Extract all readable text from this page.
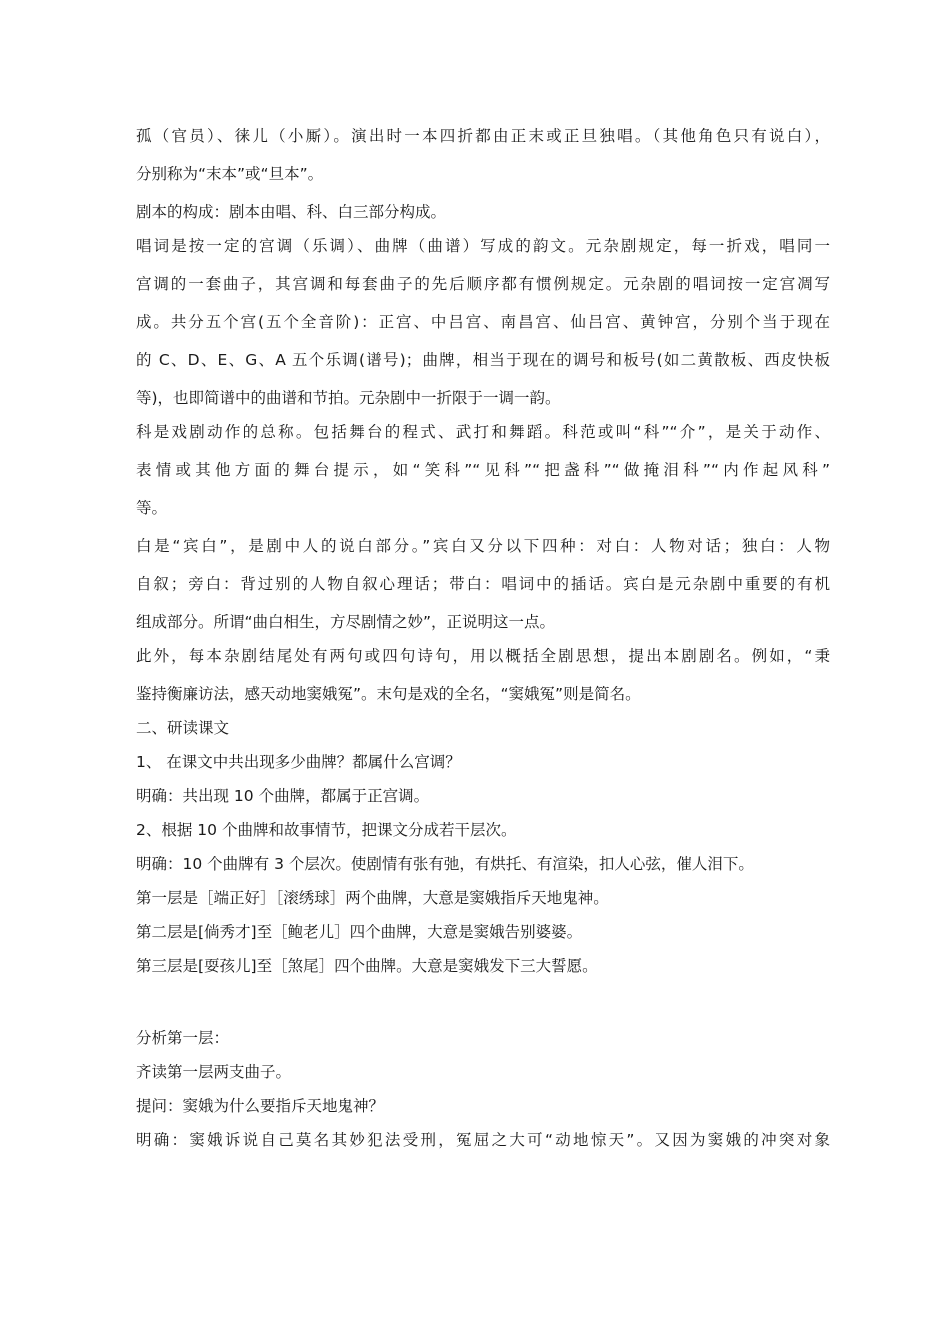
孤（官员）、徕儿（小厮）。演出时一本四折都由正末或正旦独唱。（其他角色只有说白），
分别称为“末本”或“旦本”。
剧本的构成：剧本由唱、科、白三部分构成。
唱词是按一定的宫调（乐调）、曲牌（曲谱）写成的韵文。元杂剧规定，每一折戏，唱同一
宫调的一套曲子，其宫调和每套曲子的先后顺序都有惯例规定。元杂剧的唱词按一定宫凋写
成。共分五个宫(五个全音阶)：正宫、中吕宫、南昌宫、仙吕宫、黄钟宫，分别个当于现在
的 C、D、E、G、A 五个乐调(谱号)；曲牌，相当于现在的调号和板号(如二黄散板、西皮快板
等)，也即简谱中的曲谱和节拍。元杂剧中一折限于一调一韵。
科是戏剧动作的总称。包括舞台的程式、武打和舞蹈。科范或叫“科”“介”，是关于动作、
表情或其他方面的舞台提示，如“笑科”“见科”“把盏科”“做掩泪科”“内作起风科”
等。
白是“宾白”，是剧中人的说白部分。”宾白又分以下四种：对白：人物对话；独白：人物
自叙；旁白：背过别的人物自叙心理话；带白：唱词中的插话。宾白是元杂剧中重要的有机
组成部分。所谓“曲白相生，方尽剧情之妙”，正说明这一点。
此外，每本杂剧结尾处有两句或四句诗句，用以概括全剧思想，提出本剧剧名。例如，“秉
鉴持衡廉访法，感天动地窦娥冤”。末句是戏的全名，“窦娥冤”则是简名。
二、研读课文
1、 在课文中共出现多少曲牌？都属什么宫调？
明确：共出现 10 个曲牌，都属于正宫调。
2、根据 10 个曲牌和故事情节，把课文分成若干层次。
明确：10 个曲牌有 3 个层次。使剧情有张有弛，有烘托、有渲染，扣人心弦，催人泪下。
第一层是［端正好］［滚绣球］两个曲牌，大意是窦娥指斥天地鬼神。
第二层是[倘秀才]至［鲍老儿］四个曲牌，大意是窦娥告别婆婆。
第三层是[耍孩儿]至［煞尾］四个曲牌。大意是窦娥发下三大誓愿。
分析第一层：
齐读第一层两支曲子。
提问：窦娥为什么要指斥天地鬼神？
明确：窦娥诉说自己莫名其妙犯法受刑，冤屈之大可“动地惊天”。又因为窦娥的冲突对象
